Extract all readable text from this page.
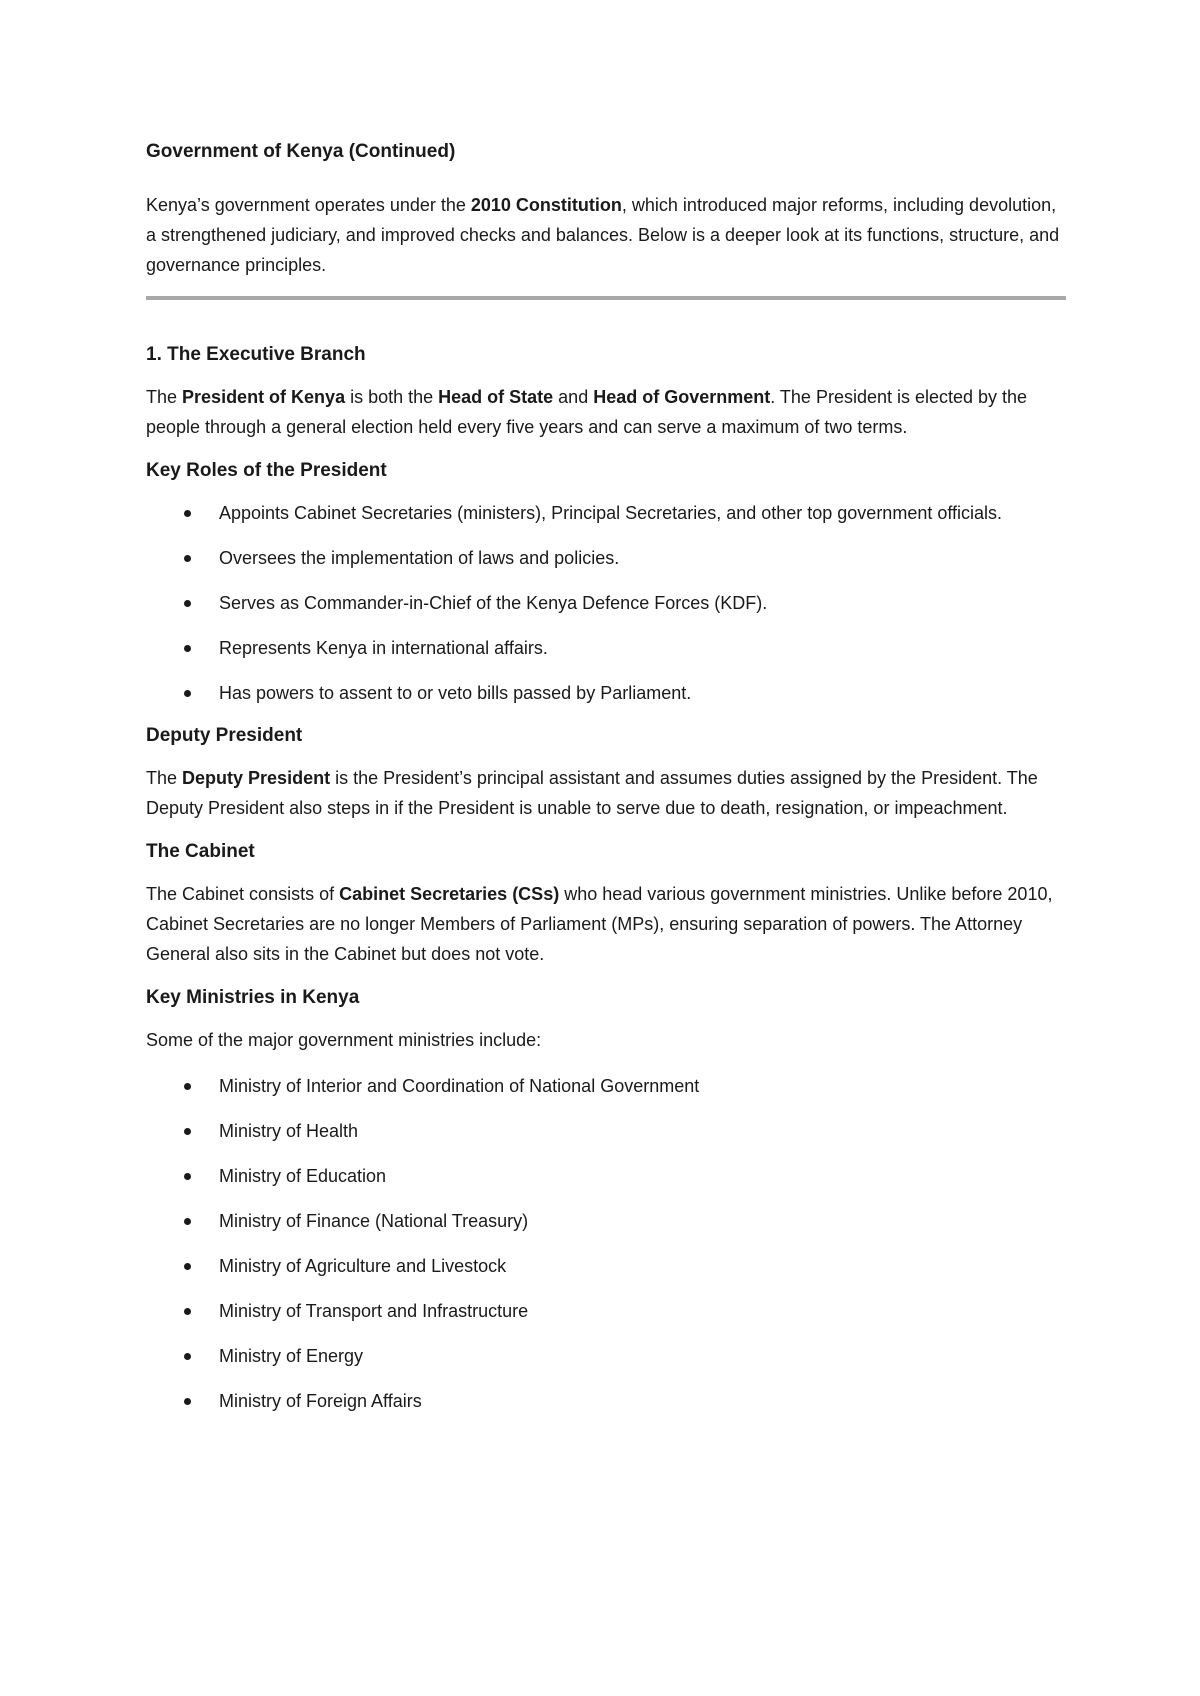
Government of Kenya (Continued)

Kenya’s government operates under the 2010 Constitution, which introduced major reforms, including devolution, a strengthened judiciary, and improved checks and balances. Below is a deeper look at its functions, structure, and governance principles.

1. The Executive Branch

The President of Kenya is both the Head of State and Head of Government. The President is elected by the people through a general election held every five years and can serve a maximum of two terms.

Key Roles of the President
Appoints Cabinet Secretaries (ministers), Principal Secretaries, and other top government officials.
Oversees the implementation of laws and policies.
Serves as Commander-in-Chief of the Kenya Defence Forces (KDF).
Represents Kenya in international affairs.
Has powers to assent to or veto bills passed by Parliament.
Deputy President

The Deputy President is the President’s principal assistant and assumes duties assigned by the President. The Deputy President also steps in if the President is unable to serve due to death, resignation, or impeachment.

The Cabinet

The Cabinet consists of Cabinet Secretaries (CSs) who head various government ministries. Unlike before 2010, Cabinet Secretaries are no longer Members of Parliament (MPs), ensuring separation of powers. The Attorney General also sits in the Cabinet but does not vote.

Key Ministries in Kenya

Some of the major government ministries include:

Ministry of Interior and Coordination of National Government
Ministry of Health
Ministry of Education
Ministry of Finance (National Treasury)
Ministry of Agriculture and Livestock
Ministry of Transport and Infrastructure
Ministry of Energy
Ministry of Foreign Affairs
